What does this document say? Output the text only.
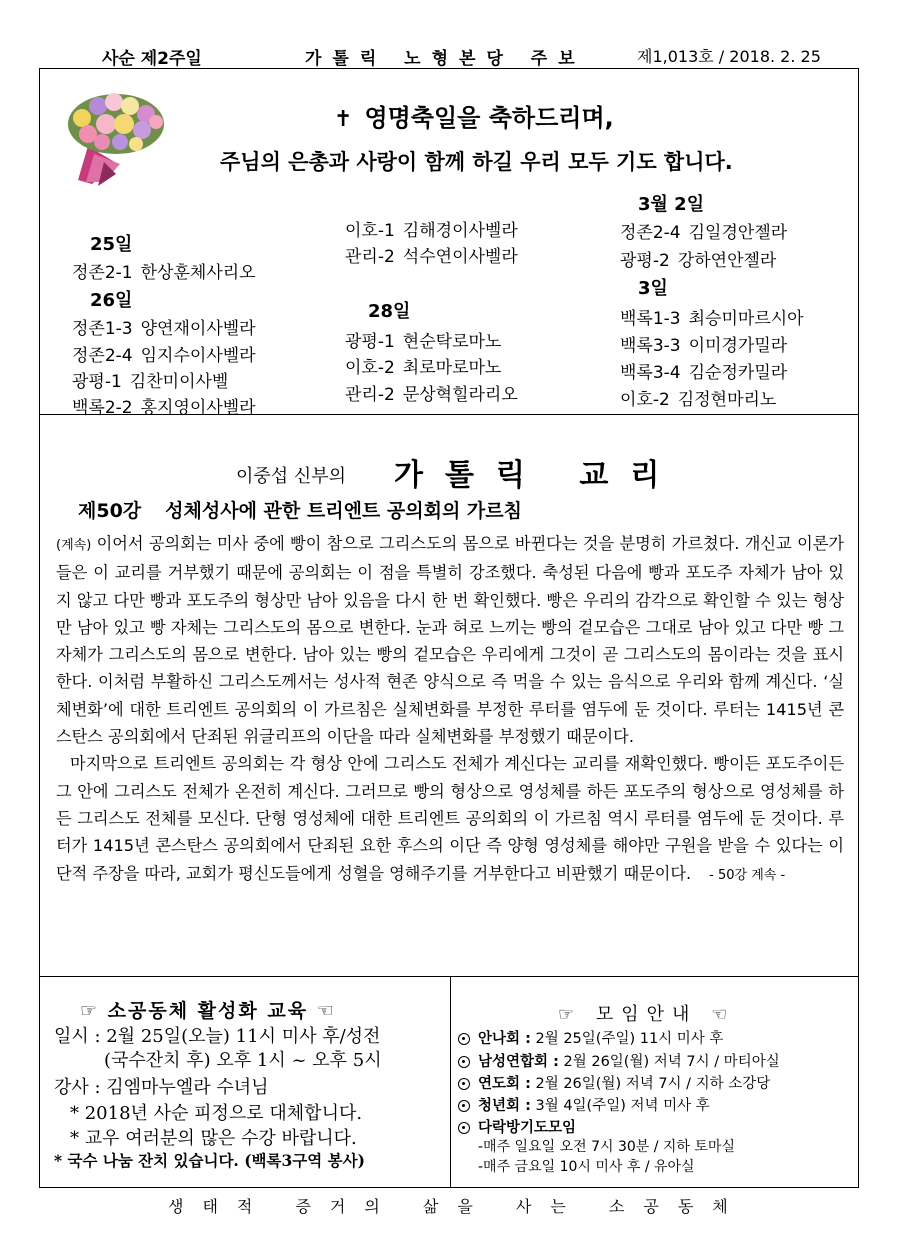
사순 제2주일	가톨릭 노형본당 주보	제1,013호 / 2018. 2. 25
✝ 영명축일을 축하드리며,
주님의 은총과 사랑이 함께 하길 우리 모두 기도 합니다.
25일
정존2-1 한상훈체사리오
26일
정존1-3 양연재이사벨라
정존2-4 임지수이사벨라
광평-1 김찬미이사벨
백록2-2 홍지영이사벨라
이호-1 김해경이사벨라
관리-2 석수연이사벨라
28일
광평-1 현순탁로마노
이호-2 최로마로마노
관리-2 문상혁힐라리오
3월 2일
정존2-4 김일경안젤라
광평-2 강하연안젤라
3일
백록1-3 최승미마르시아
백록3-3 이미경가밀라
백록3-4 김순정카밀라
이호-2 김정현마리노
이중섭 신부의 가톨릭 교리
제50강 성체성사에 관한 트리엔트 공의회의 가르침

(계속) 이어서 공의회는 미사 중에 빵이 참으로 그리스도의 몸으로 바뀐다는 것을 분명히 가르쳤다. 개신교 이론가들은 이 교리를 거부했기 때문에 공의회는 이 점을 특별히 강조했다. 축성된 다음에 빵과 포도주 자체가 남아 있지 않고 다만 빵과 포도주의 형상만 남아 있음을 다시 한 번 확인했다. 빵은 우리의 감각으로 확인할 수 있는 형상만 남아 있고 빵 자체는 그리스도의 몸으로 변한다. 눈과 혀로 느끼는 빵의 겉모습은 그대로 남아 있고 다만 빵 그 자체가 그리스도의 몸으로 변한다. 남아 있는 빵의 겉모습은 우리에게 그것이 곧 그리스도의 몸이라는 것을 표시한다. 이처럼 부활하신 그리스도께서는 성사적 현존 양식으로 즉 먹을 수 있는 음식으로 우리와 함께 계신다. ‘실체변화’에 대한 트리엔트 공의회의 이 가르침은 실체변화를 부정한 루터를 염두에 둔 것이다. 루터는 1415년 콘스탄스 공의회에서 단죄된 위글리프의 이단을 따라 실체변화를 부정했기 때문이다.

마지막으로 트리엔트 공의회는 각 형상 안에 그리스도 전체가 계신다는 교리를 재확인했다. 빵이든 포도주이든 그 안에 그리스도 전체가 온전히 계신다. 그러므로 빵의 형상으로 영성체를 하든 포도주의 형상으로 영성체를 하든 그리스도 전체를 모신다. 단형 영성체에 대한 트리엔트 공의회의 이 가르침 역시 루터를 염두에 둔 것이다. 루터가 1415년 콘스탄스 공의회에서 단죄된 요한 후스의 이단 즉 양형 영성체를 해야만 구원을 받을 수 있다는 이단적 주장을 따라, 교회가 평신도들에게 성혈을 영해주기를 거부한다고 비판했기 때문이다. - 50강 계속 -

☞ 소공동체 활성화 교육 ☜
일시 : 2월 25일(오늘) 11시 미사 후/성전
(국수잔치 후) 오후 1시 ~ 오후 5시
강사 : 김엠마누엘라 수녀님
* 2018년 사순 피정으로 대체합니다.
* 교우 여러분의 많은 수강 바랍니다.
* 국수 나눔 잔치 있습니다. (백록3구역 봉사)
☞ 모임안내 ☜
안나회 : 2월 25일(주일) 11시 미사 후
남성연합회 : 2월 26일(월) 저녁 7시 / 마티아실
연도회 : 2월 26일(월) 저녁 7시 / 지하 소강당
청년회 : 3월 4일(주일) 저녁 미사 후
다락방기도모임
-매주 일요일 오전 7시 30분 / 지하 토마실
-매주 금요일 10시 미사 후 / 유아실
생태적 증거의 삶을 사는 소공동체
